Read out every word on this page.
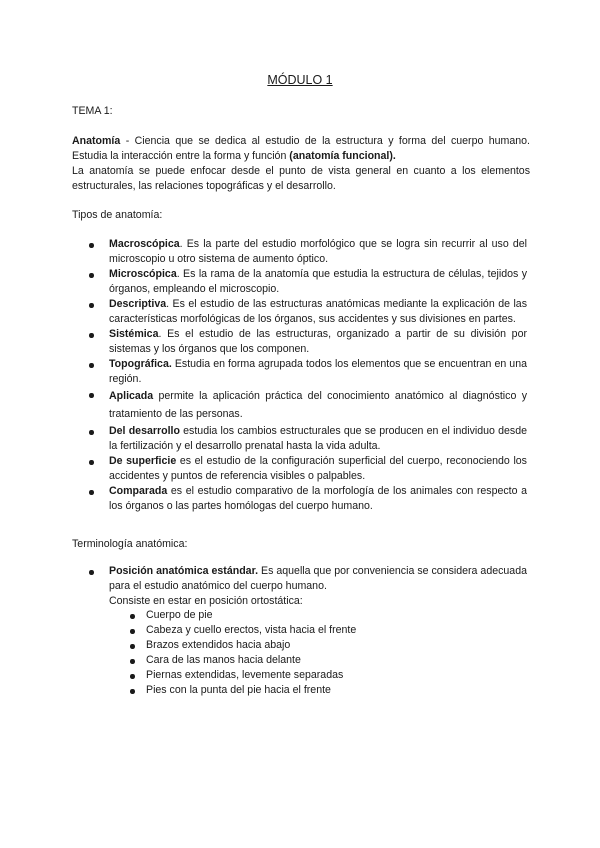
MÓDULO 1

TEMA 1:

Anatomía - Ciencia que se dedica al estudio de la estructura y forma del cuerpo humano. Estudia la interacción entre la forma y función (anatomía funcional).

La anatomía se puede enfocar desde el punto de vista general en cuanto a los elementos estructurales, las relaciones topográficas y el desarrollo.

Tipos de anatomía:

Macroscópica. Es la parte del estudio morfológico que se logra sin recurrir al uso del microscopio u otro sistema de aumento óptico.
Microscópica. Es la rama de la anatomía que estudia la estructura de células, tejidos y órganos, empleando el microscopio.
Descriptiva. Es el estudio de las estructuras anatómicas mediante la explicación de las características morfológicas de los órganos, sus accidentes y sus divisiones en partes.
Sistémica. Es el estudio de las estructuras, organizado a partir de su división por sistemas y los órganos que los componen.
Topográfica. Estudia en forma agrupada todos los elementos que se encuentran en una región.
Aplicada permite la aplicación práctica del conocimiento anatómico al diagnóstico y tratamiento de las personas.
Del desarrollo estudia los cambios estructurales que se producen en el individuo desde la fertilización y el desarrollo prenatal hasta la vida adulta.
De superficie es el estudio de la configuración superficial del cuerpo, reconociendo los accidentes y puntos de referencia visibles o palpables.
Comparada es el estudio comparativo de la morfología de los animales con respecto a los órganos o las partes homólogas del cuerpo humano.

Terminología anatómica:

Posición anatómica estándar. Es aquella que por conveniencia se considera adecuada para el estudio anatómico del cuerpo humano.
Consiste en estar en posición ortostática:
Cuerpo de pie
Cabeza y cuello erectos, vista hacia el frente
Brazos extendidos hacia abajo
Cara de las manos hacia delante
Piernas extendidas, levemente separadas
Pies con la punta del pie hacia el frente
